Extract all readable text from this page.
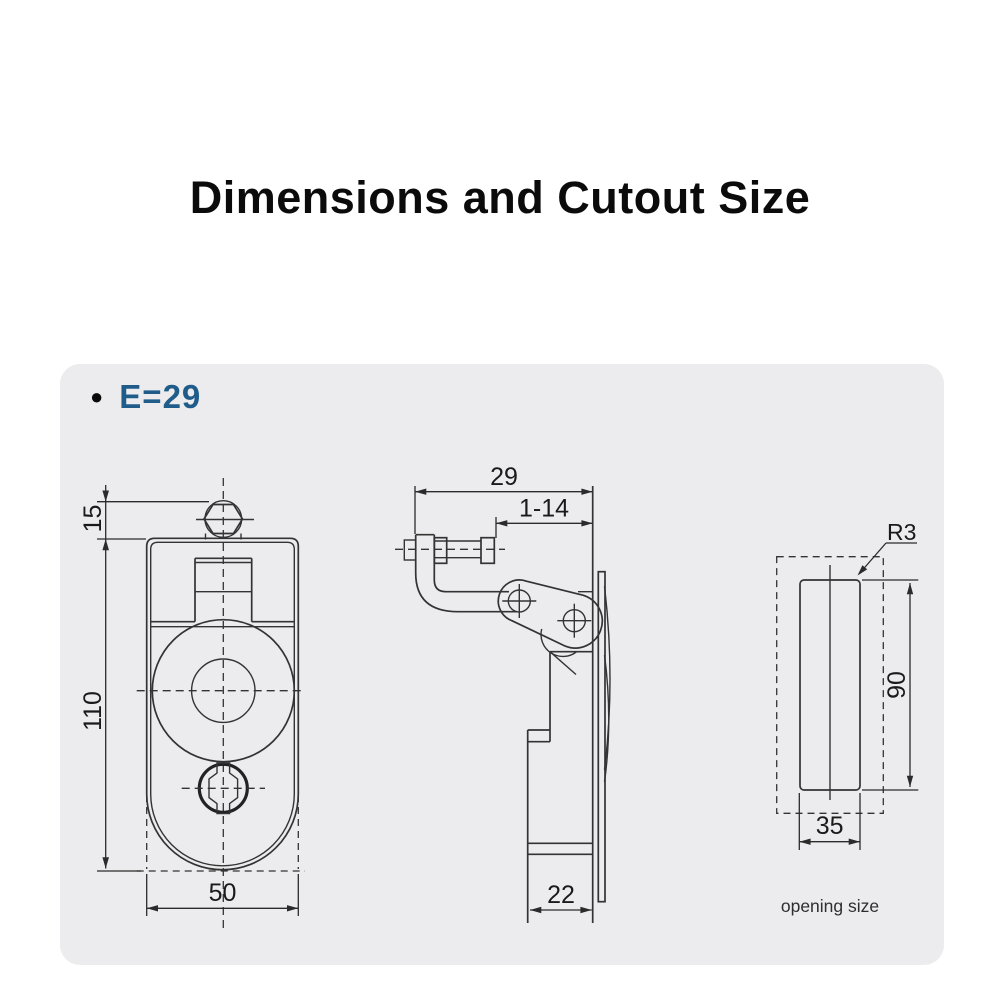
Dimensions and Cutout Size
● E=29
15
110
50
29
1-14
22
R3
90
35
opening size
